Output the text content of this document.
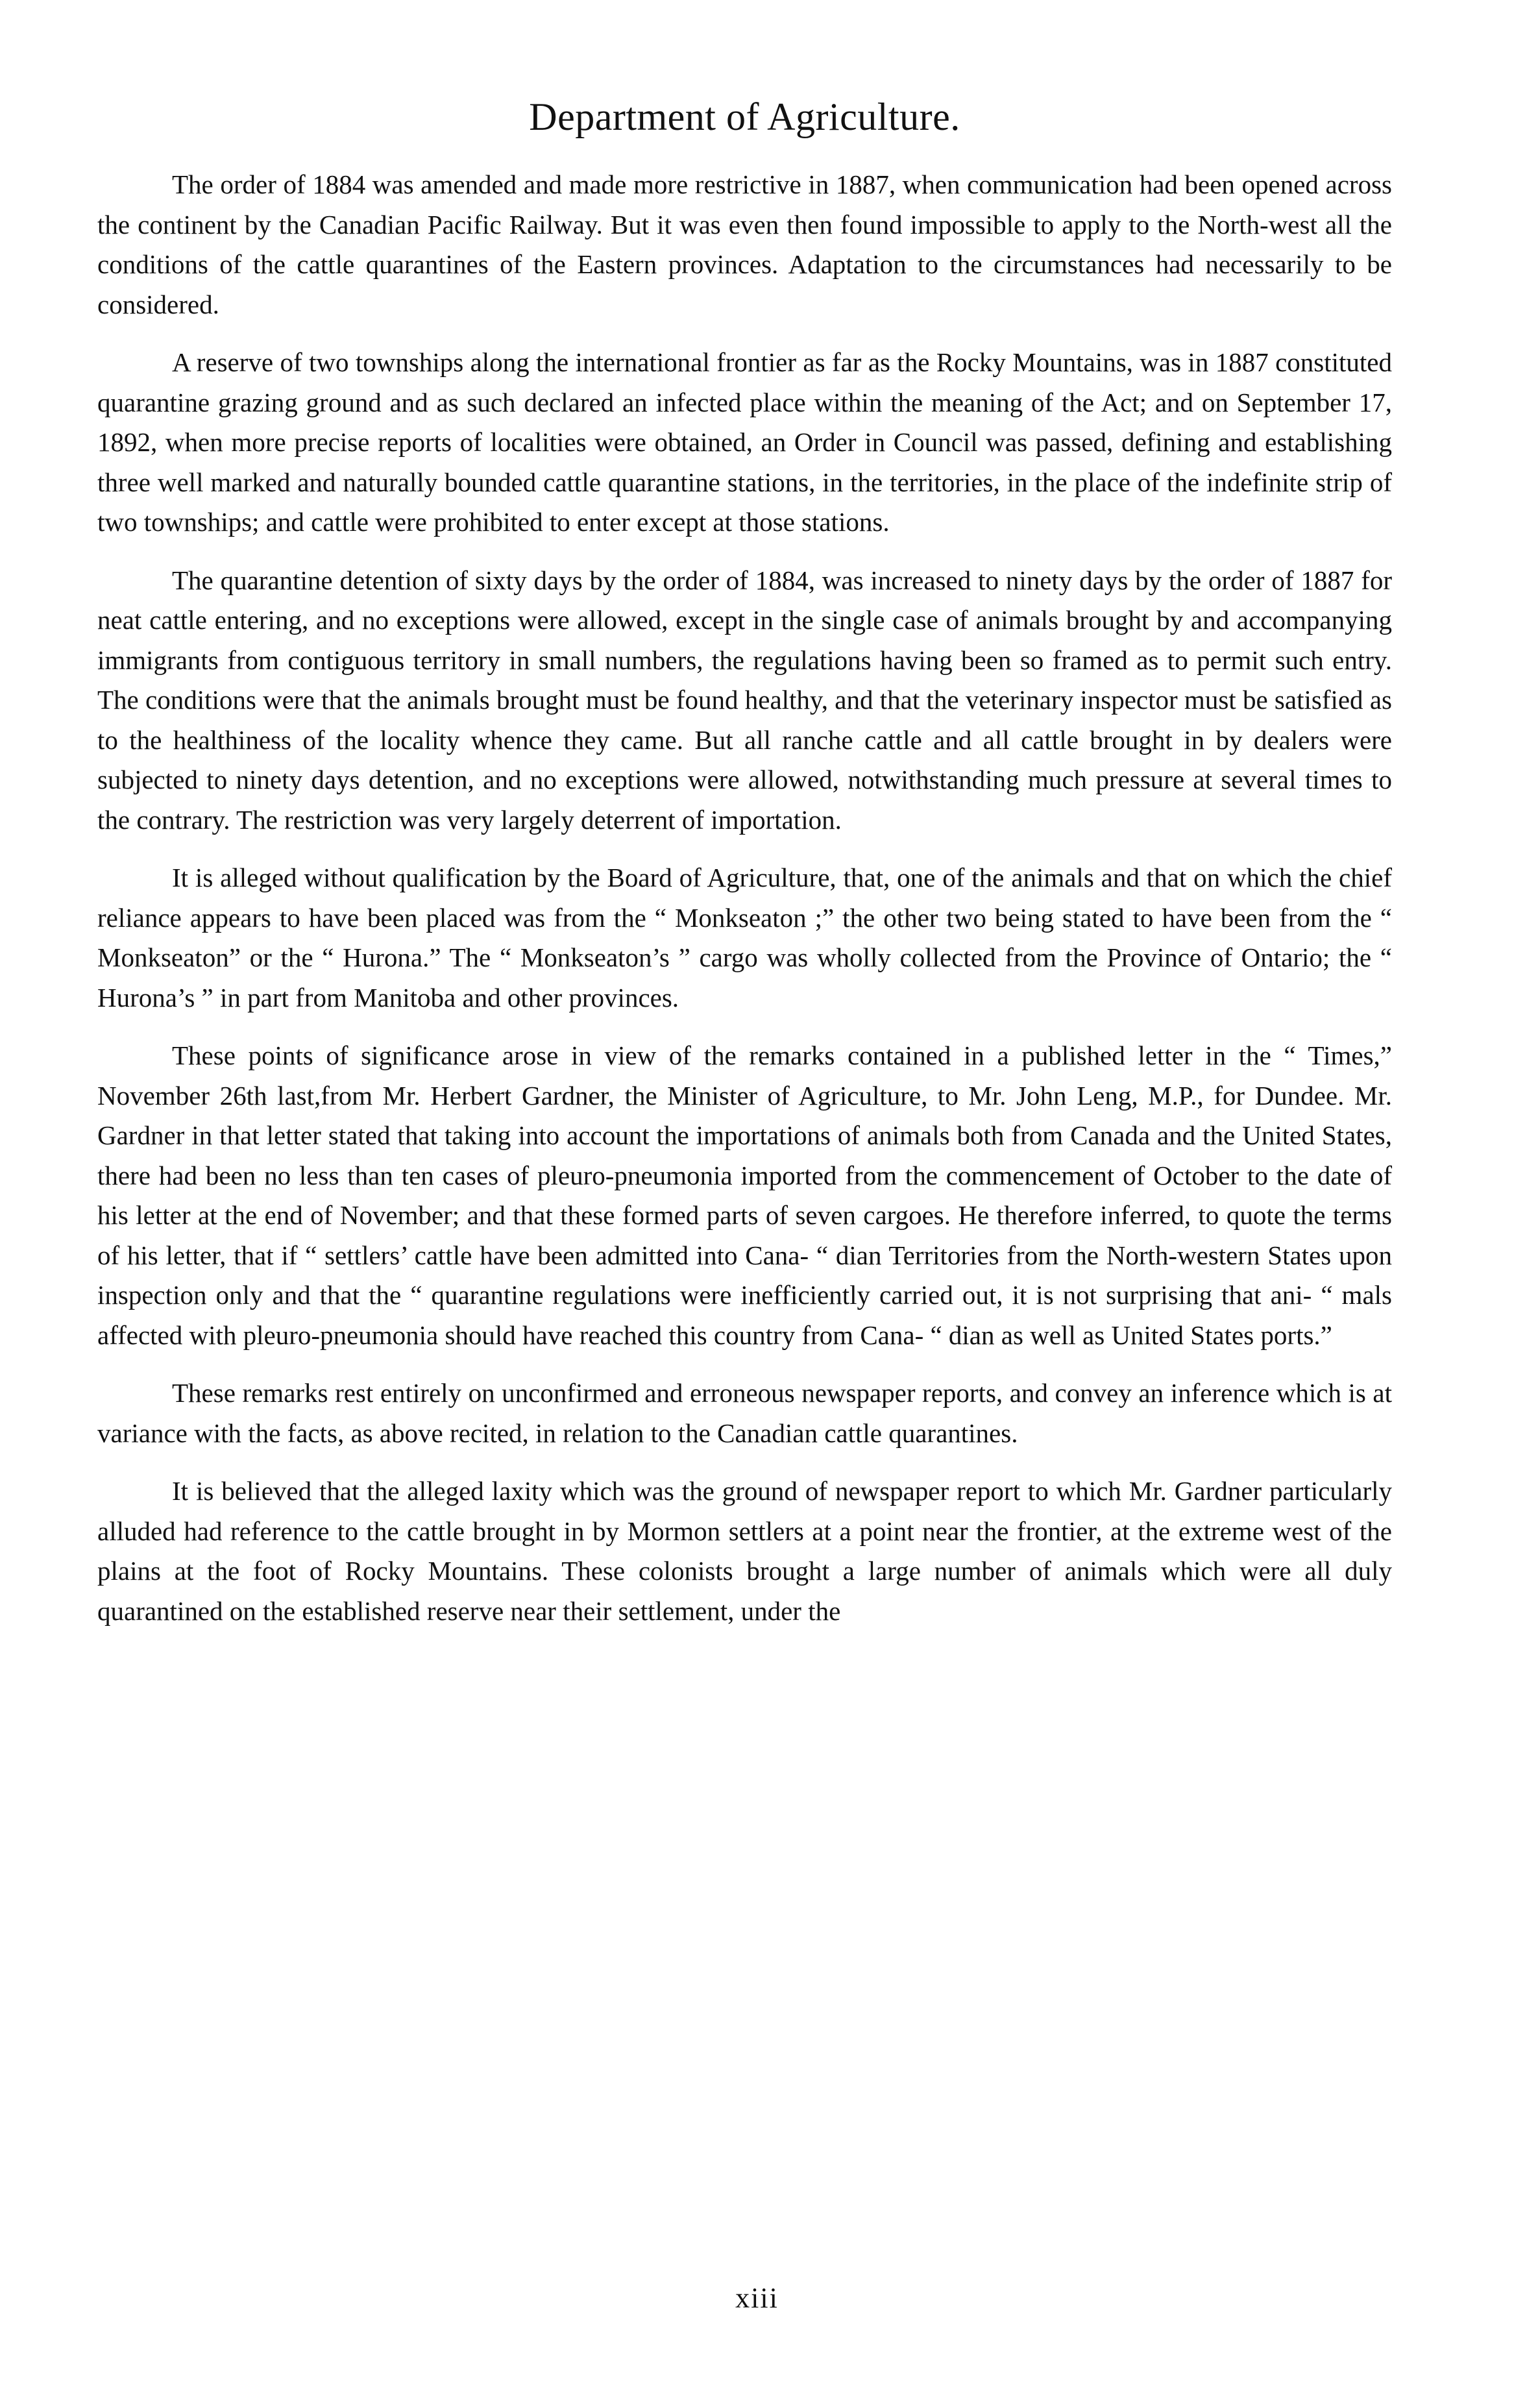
Department of Agriculture.

The order of 1884 was amended and made more restrictive in 1887, when communication had been opened across the continent by the Canadian Pacific Railway. But it was even then found impossible to apply to the North-west all the conditions of the cattle quarantines of the Eastern provinces. Adaptation to the circumstances had necessarily to be considered.

A reserve of two townships along the international frontier as far as the Rocky Mountains, was in 1887 constituted quarantine grazing ground and as such declared an infected place within the meaning of the Act; and on September 17, 1892, when more precise reports of localities were obtained, an Order in Council was passed, defining and establishing three well marked and naturally bounded cattle quarantine stations, in the territories, in the place of the indefinite strip of two townships; and cattle were prohibited to enter except at those stations.

The quarantine detention of sixty days by the order of 1884, was increased to ninety days by the order of 1887 for neat cattle entering, and no exceptions were allowed, except in the single case of animals brought by and accompanying immigrants from contiguous territory in small numbers, the regulations having been so framed as to permit such entry. The conditions were that the animals brought must be found healthy, and that the veterinary inspector must be satisfied as to the healthiness of the locality whence they came. But all ranche cattle and all cattle brought in by dealers were subjected to ninety days detention, and no exceptions were allowed, notwithstanding much pressure at several times to the contrary. The restriction was very largely deterrent of importation.

It is alleged without qualification by the Board of Agriculture, that, one of the animals and that on which the chief reliance appears to have been placed was from the “ Monkseaton ;” the other two being stated to have been from the “ Monkseaton” or the “ Hurona.” The “ Monkseaton’s ” cargo was wholly collected from the Province of Ontario; the “ Hurona’s ” in part from Manitoba and other provinces.

These points of significance arose in view of the remarks contained in a published letter in the “ Times,” November 26th last,from Mr. Herbert Gardner, the Minister of Agriculture, to Mr. John Leng, M.P., for Dundee. Mr. Gardner in that letter stated that taking into account the importations of animals both from Canada and the United States, there had been no less than ten cases of pleuro-pneumonia imported from the commencement of October to the date of his letter at the end of November; and that these formed parts of seven cargoes. He therefore inferred, to quote the terms of his letter, that if “ settlers’ cattle have been admitted into Cana- “ dian Territories from the North-western States upon inspection only and that the “ quarantine regulations were inefficiently carried out, it is not surprising that ani- “ mals affected with pleuro-pneumonia should have reached this country from Cana- “ dian as well as United States ports.”

These remarks rest entirely on unconfirmed and erroneous newspaper reports, and convey an inference which is at variance with the facts, as above recited, in relation to the Canadian cattle quarantines.

It is believed that the alleged laxity which was the ground of newspaper report to which Mr. Gardner particularly alluded had reference to the cattle brought in by Mormon settlers at a point near the frontier, at the extreme west of the plains at the foot of Rocky Mountains. These colonists brought a large number of animals which were all duly quarantined on the established reserve near their settlement, under the

xiii
